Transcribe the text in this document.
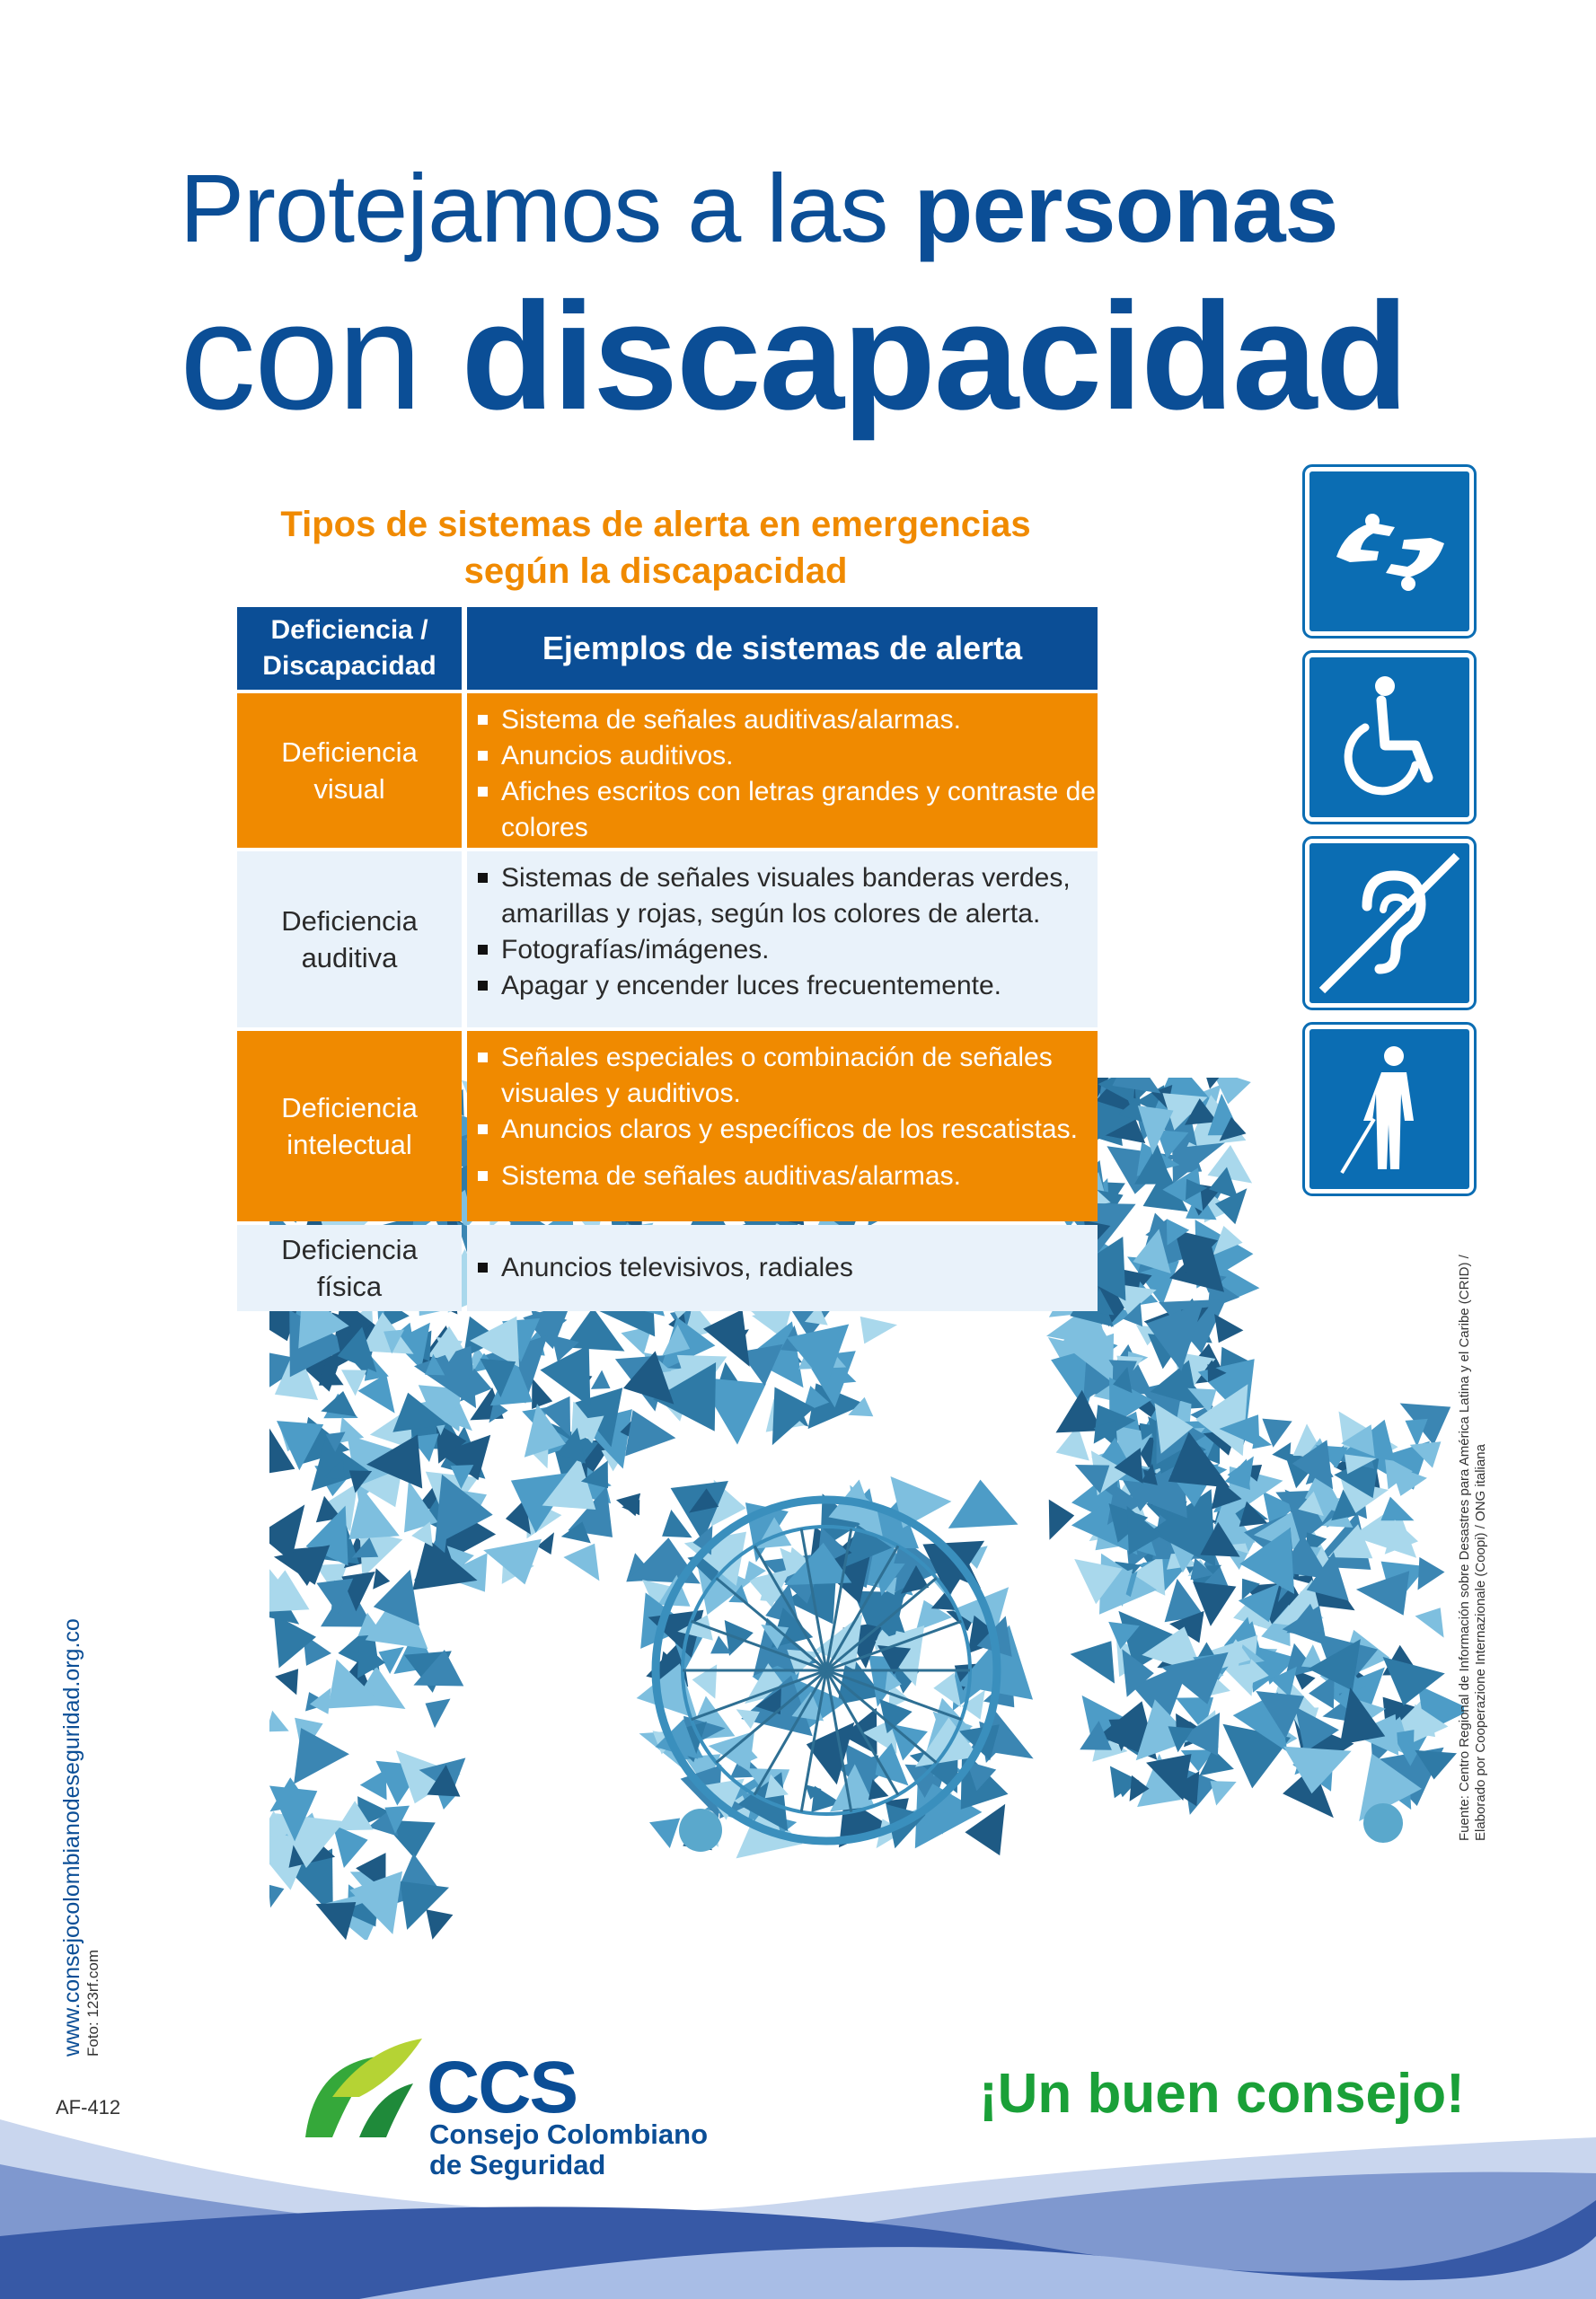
Protejamos a las personas
con discapacidad
Tipos de sistemas de alerta en emergencias
según la discapacidad
Deficiencia /
Discapacidad	Ejemplos de sistemas de alerta
Deficiencia
visual
Sistema de señales auditivas/alarmas.
Anuncios auditivos.
Afiches escritos con letras grandes y contraste de colores
Deficiencia
auditiva
Sistemas de señales visuales banderas verdes, amarillas y rojas, según los colores de alerta.
Fotografías/imágenes.
Apagar y encender luces frecuentemente.
Deficiencia
intelectual
Señales especiales o combinación de señales visuales y auditivos.
Anuncios claros y específicos de los rescatistas.
Sistema de señales auditivas/alarmas.
Deficiencia
física
Anuncios televisivos, radiales
www.consejocolombianodeseguridad.org.co Foto: 123rf.com
Fuente: Centro Regional de Información sobre Desastres para América Latina y el Caribe (CRID) / Elaborado por Cooperazione Internazionale (Coopi) / ONG italiana
AF-412	CCS
Consejo Colombiano
de Seguridad
¡Un buen consejo!
